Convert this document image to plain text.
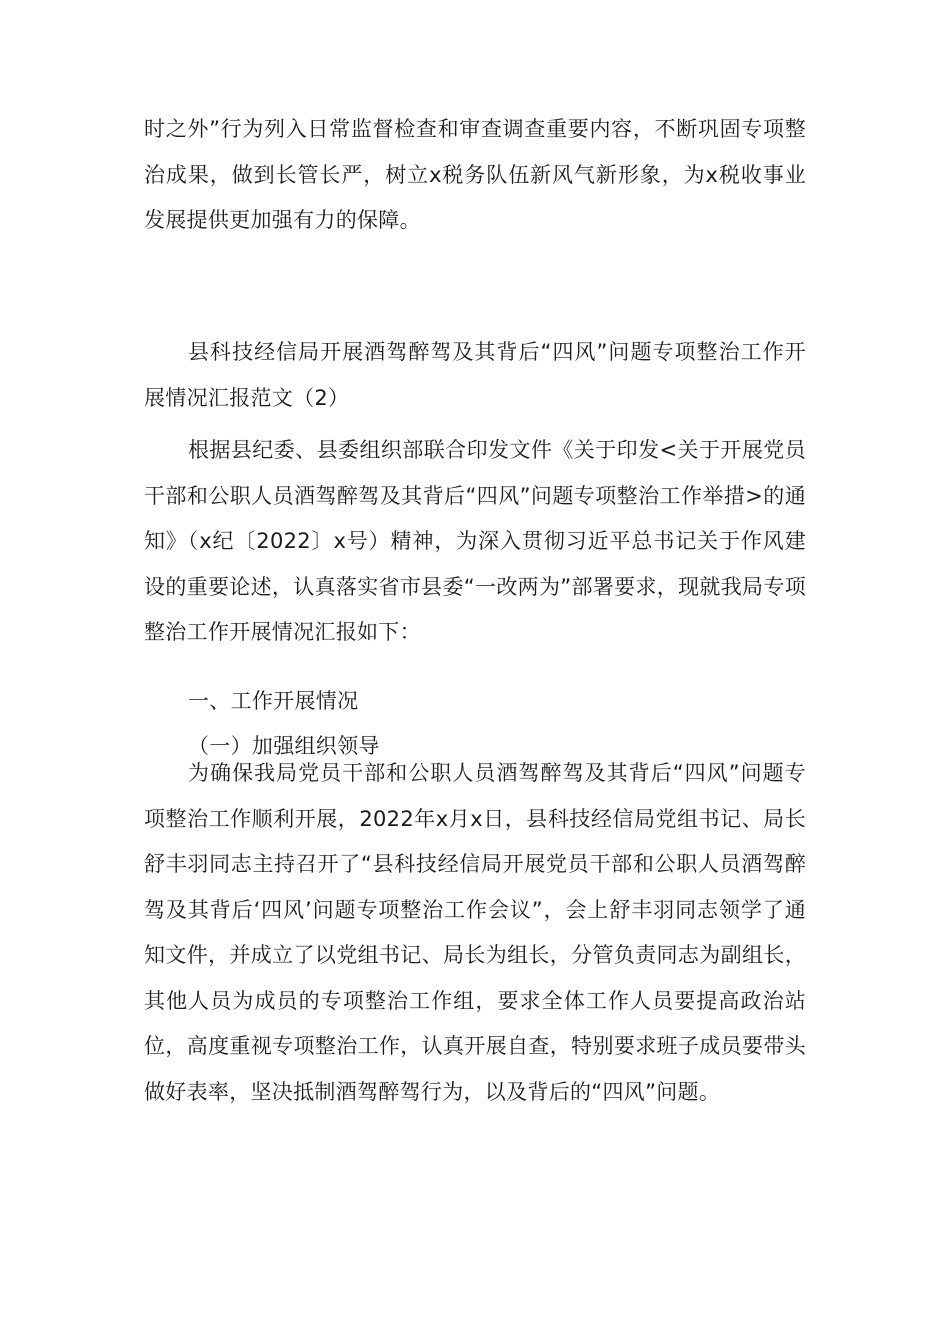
时之外”行为列入日常监督检查和审查调查重要内容，不断巩固专项整治成果，做到长管长严，树立x税务队伍新风气新形象，为x税收事业发展提供更加强有力的保障。

县科技经信局开展酒驾醉驾及其背后“四风”问题专项整治工作开展情况汇报范文（2）

根据县纪委、县委组织部联合印发文件《关于印发<关于开展党员干部和公职人员酒驾醉驾及其背后“四风”问题专项整治工作举措>的通知》（x纪〔2022〕x号）精神，为深入贯彻习近平总书记关于作风建设的重要论述，认真落实省市县委“一改两为”部署要求，现就我局专项整治工作开展情况汇报如下：

一、工作开展情况

（一）加强组织领导

为确保我局党员干部和公职人员酒驾醉驾及其背后“四风”问题专项整治工作顺利开展，2022年x月x日，县科技经信局党组书记、局长舒丰羽同志主持召开了“县科技经信局开展党员干部和公职人员酒驾醉驾及其背后‘四风’问题专项整治工作会议”，会上舒丰羽同志领学了通知文件，并成立了以党组书记、局长为组长，分管负责同志为副组长，其他人员为成员的专项整治工作组，要求全体工作人员要提高政治站位，高度重视专项整治工作，认真开展自查，特别要求班子成员要带头做好表率，坚决抵制酒驾醉驾行为，以及背后的“四风”问题。
